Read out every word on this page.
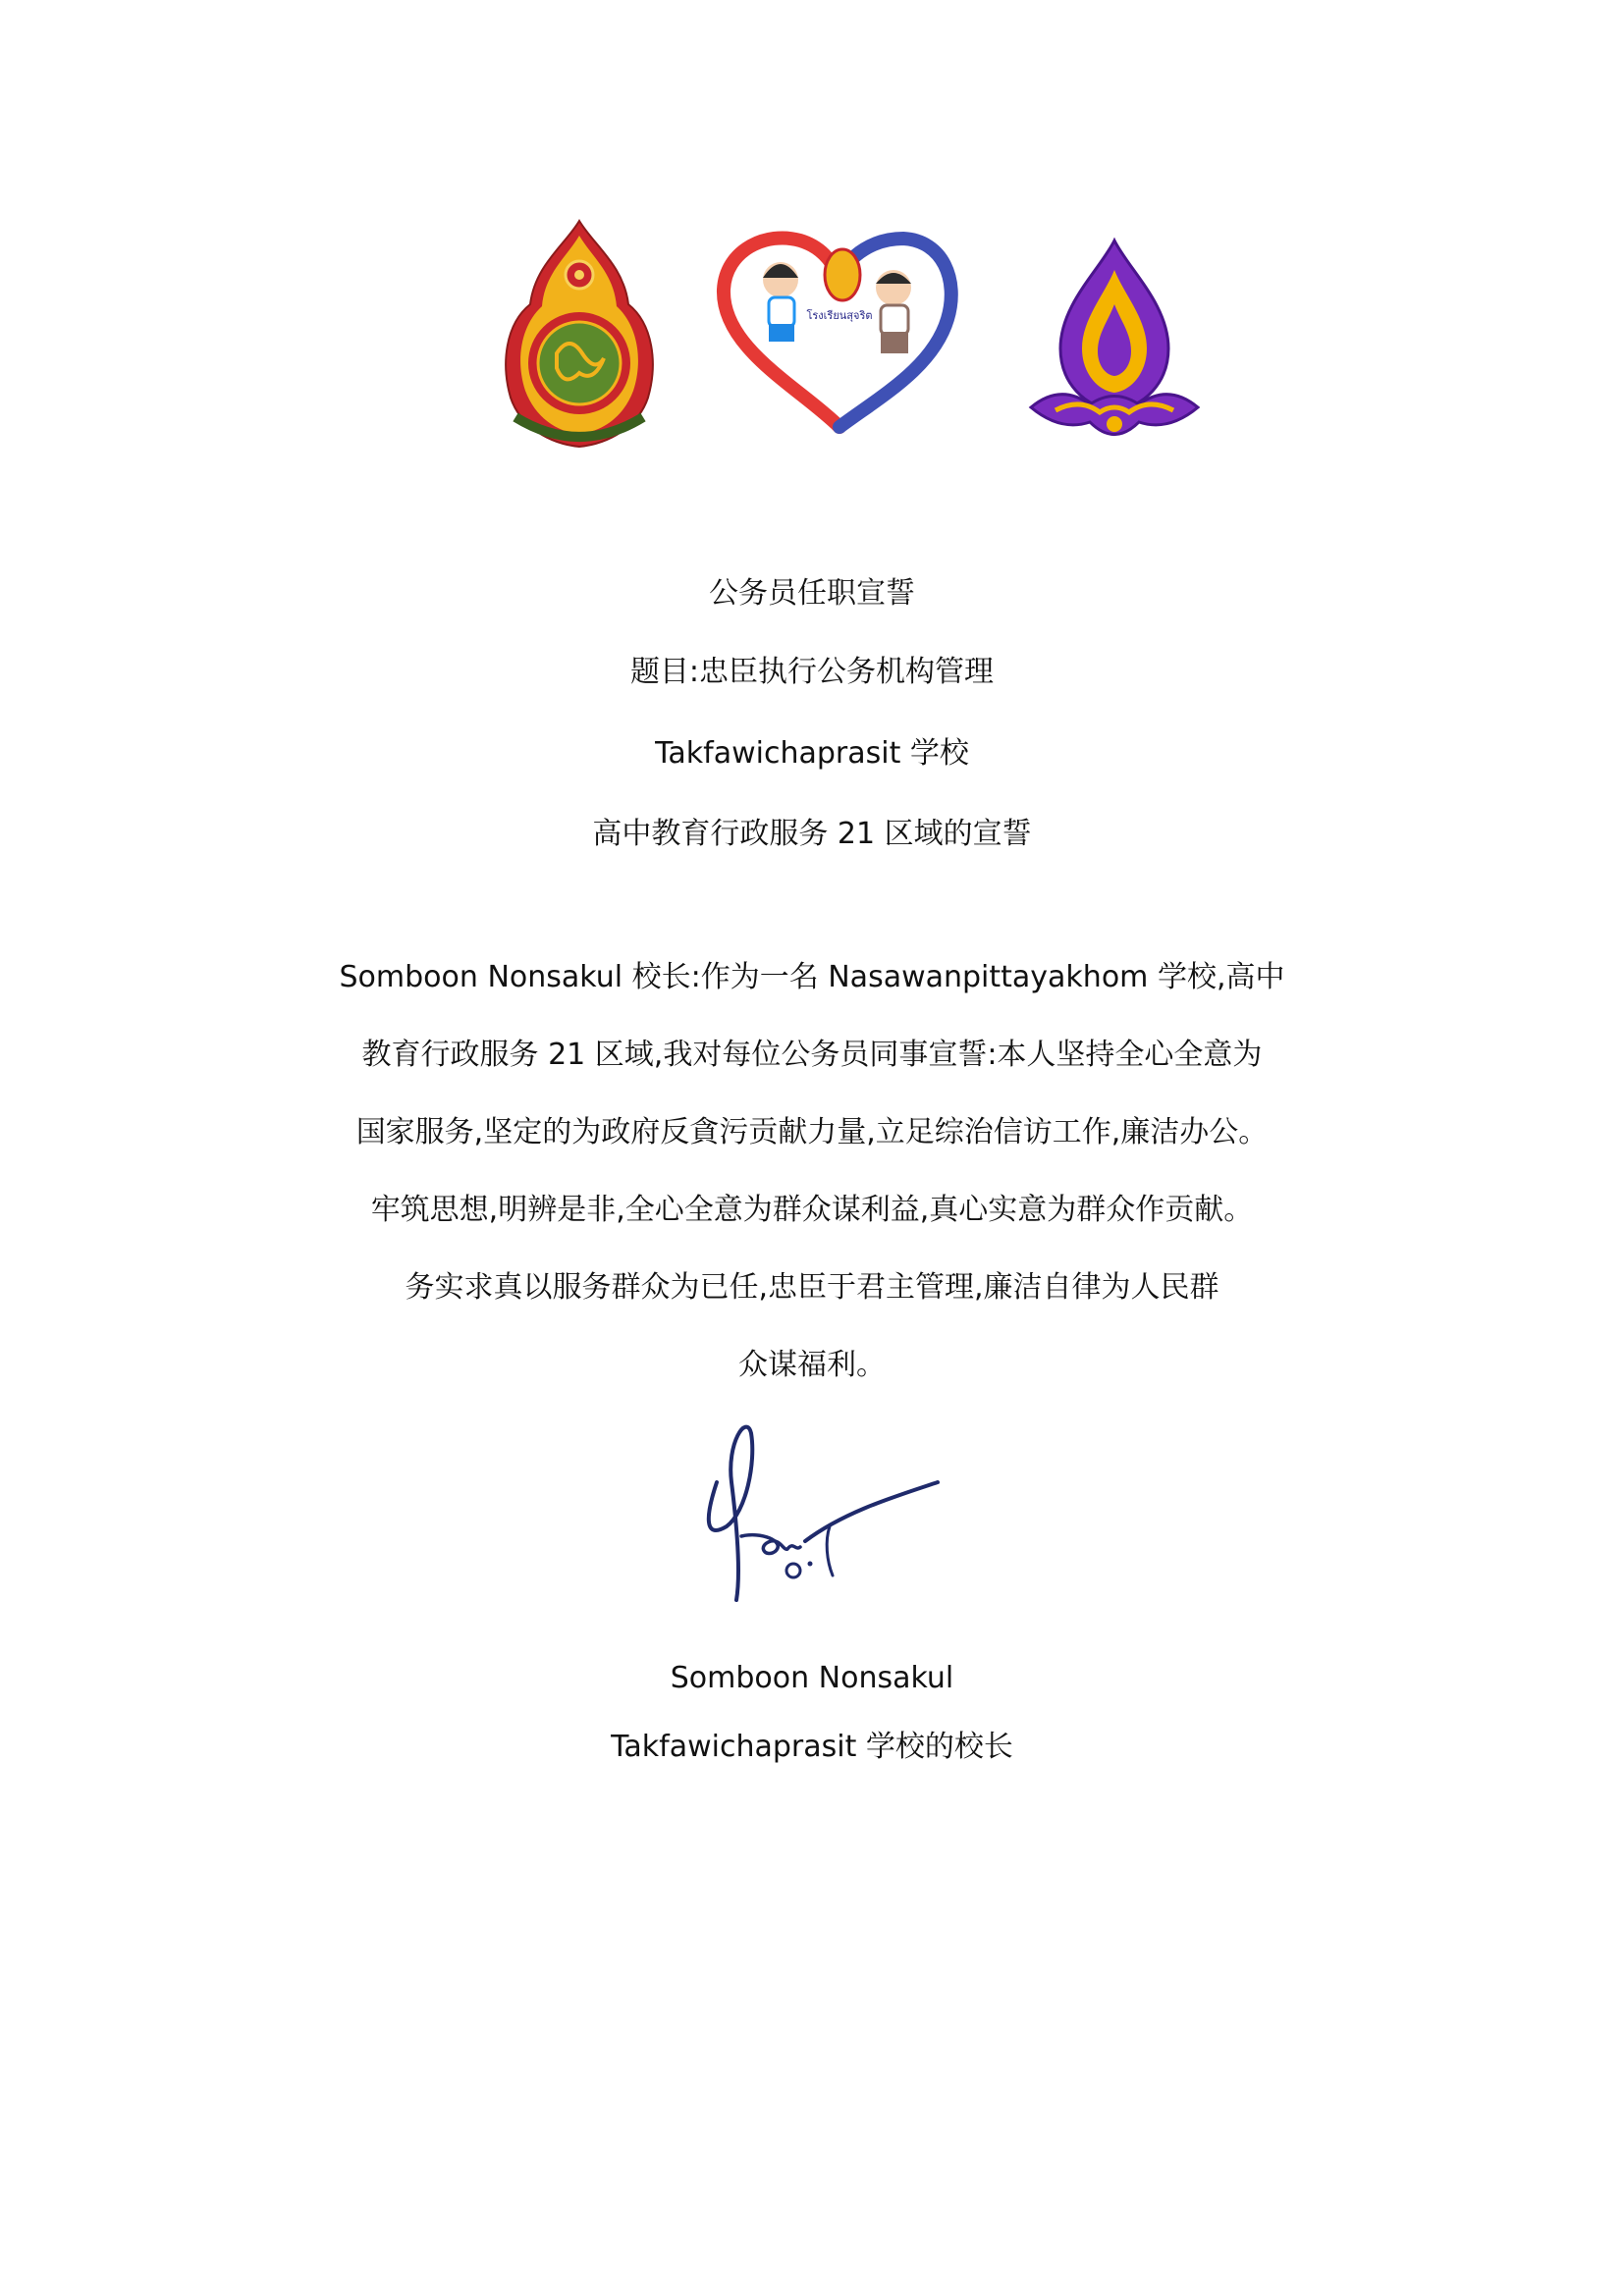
โรงเรียนสุจริต
公务员任职宣誓
题目:忠臣执行公务机构管理
Takfawichaprasit 学校
高中教育行政服务 21 区域的宣誓
Somboon Nonsakul 校长:作为一名 Nasawanpittayakhom 学校,高中
教育行政服务 21 区域,我对每位公务员同事宣誓:本人坚持全心全意为
国家服务,坚定的为政府反貪污贡献力量,立足综治信访工作,廉洁办公。
牢筑思想,明辨是非,全心全意为群众谋利益,真心实意为群众作贡献。
务实求真以服务群众为已任,忠臣于君主管理,廉洁自律为人民群
众谋福利。
Somboon Nonsakul
Takfawichaprasit 学校的校长
